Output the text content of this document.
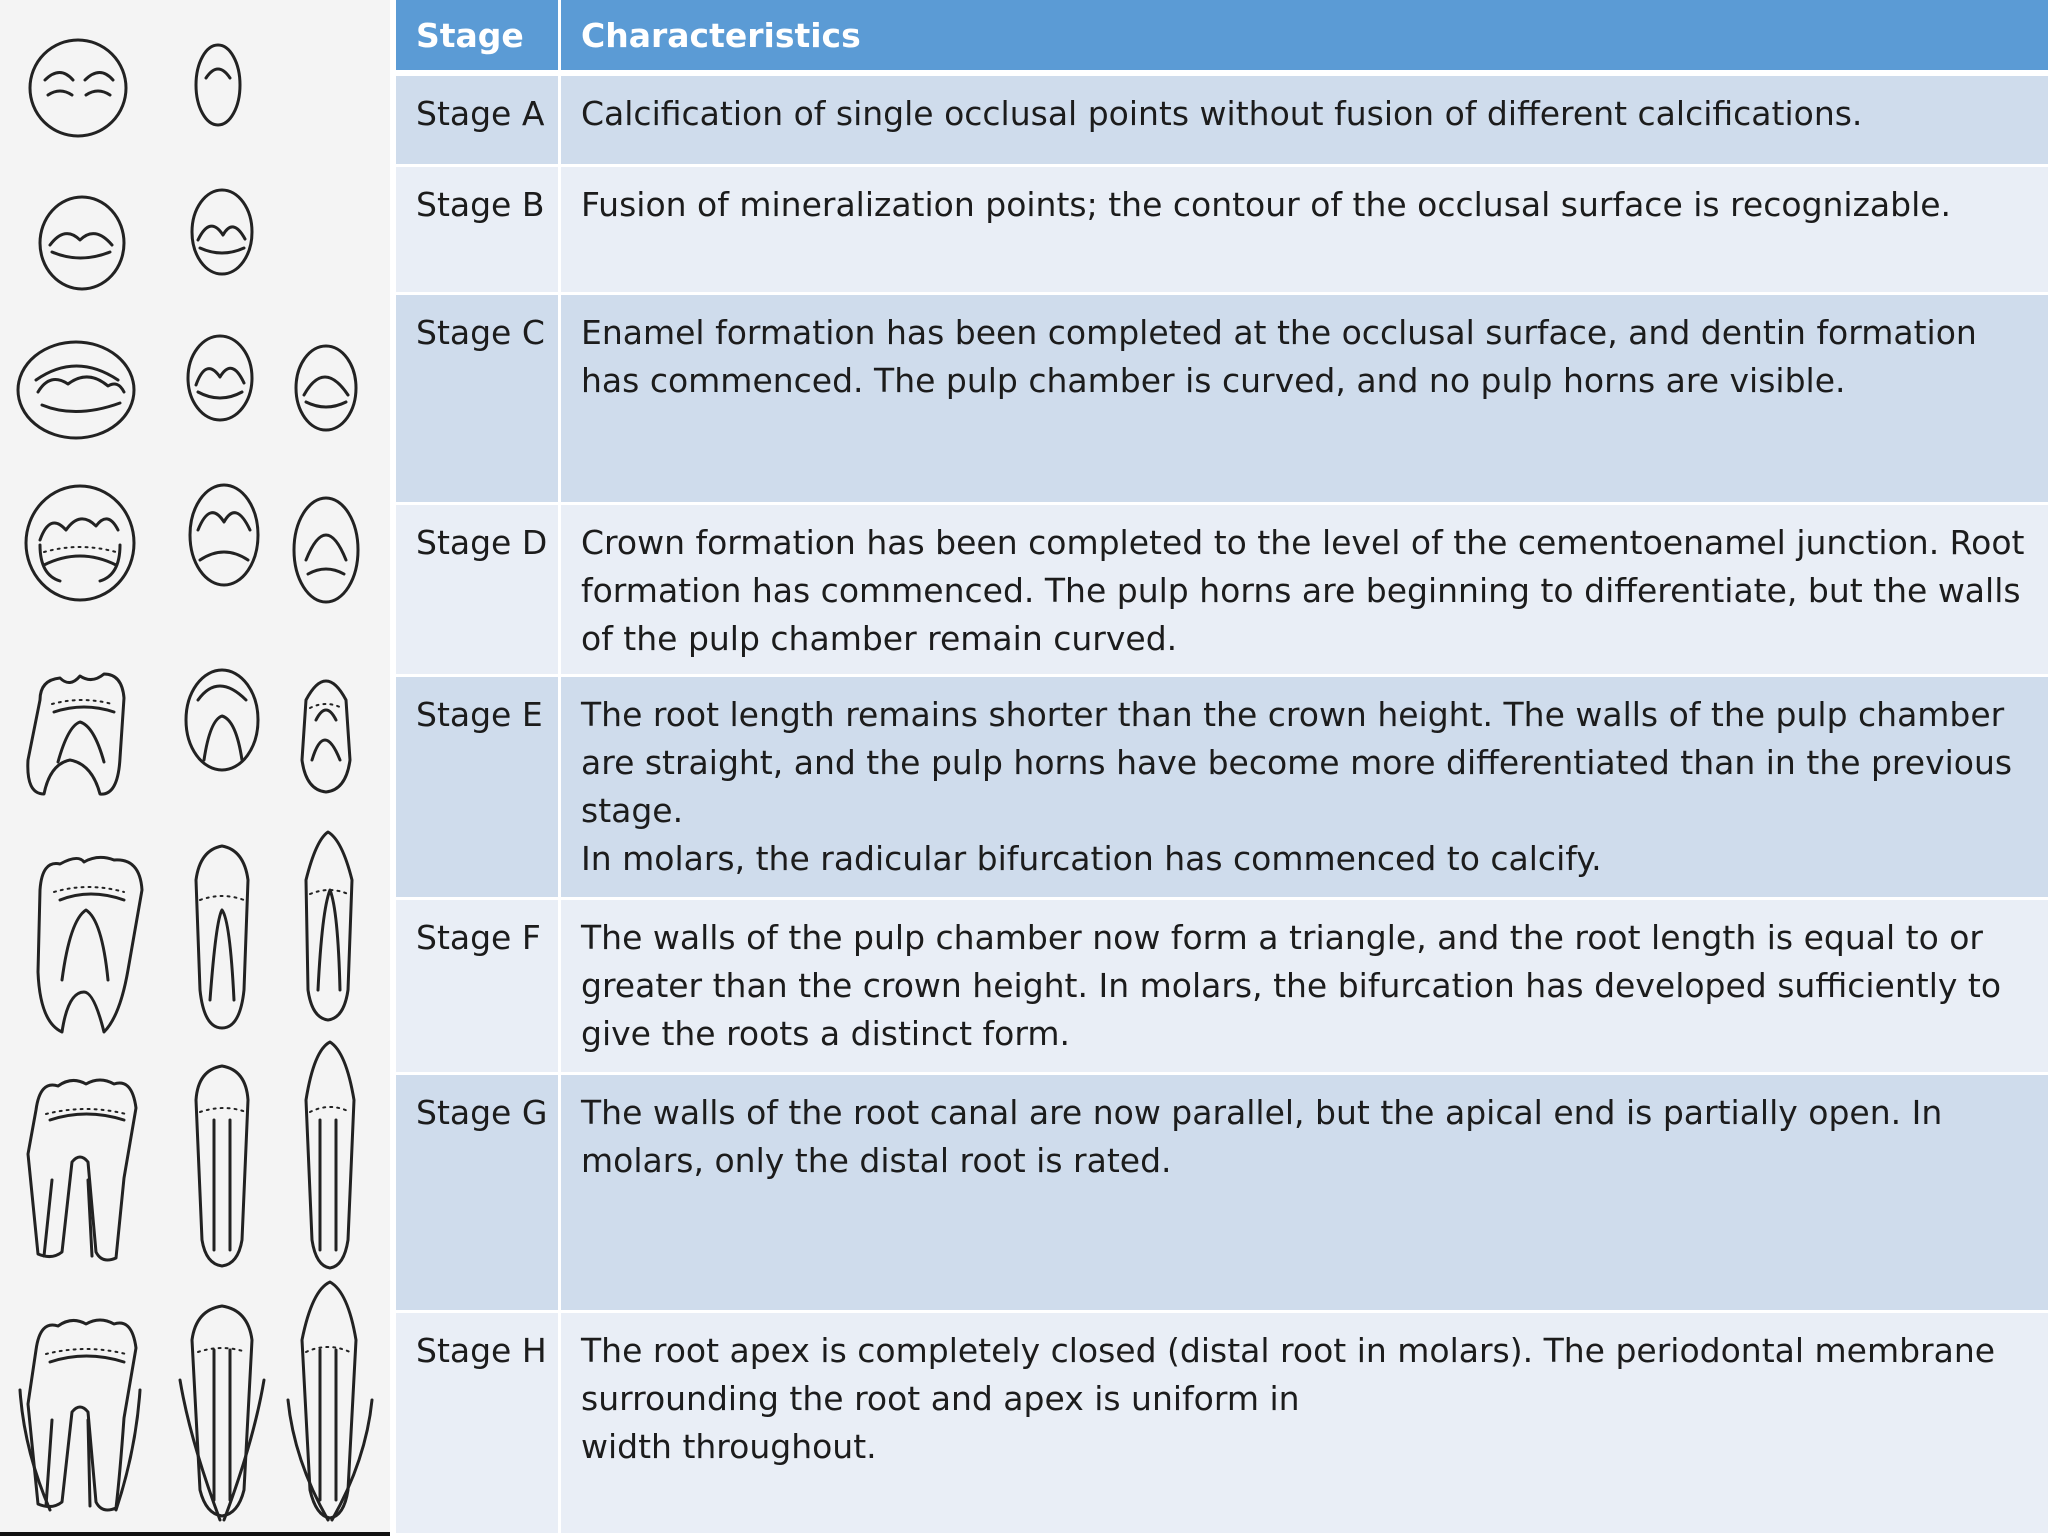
Stage	Characteristics
Stage A	Calcification of single occlusal points without fusion of different calcifications.

Stage B	Fusion of mineralization points; the contour of the occlusal surface is recognizable.

Stage C	Enamel formation has been completed at the occlusal surface, and dentin formation has commenced. The pulp chamber is curved, and no pulp horns are visible.

Stage D	Crown formation has been completed to the level of the cementoenamel junction. Root formation has commenced. The pulp horns are beginning to differentiate, but the walls of the pulp chamber remain curved.

Stage E	The root length remains shorter than the crown height. The walls of the pulp chamber are straight, and the pulp horns have become more differentiated than in the previous stage.
In molars, the radicular bifurcation has commenced to calcify.

Stage F	The walls of the pulp chamber now form a triangle, and the root length is equal to or greater than the crown height. In molars, the bifurcation has developed sufficiently to give the roots a distinct form.

Stage G	The walls of the root canal are now parallel, but the apical end is partially open. In molars, only the distal root is rated.

Stage H	The root apex is completely closed (distal root in molars). The periodontal membrane surrounding the root and apex is uniform in
width throughout.
